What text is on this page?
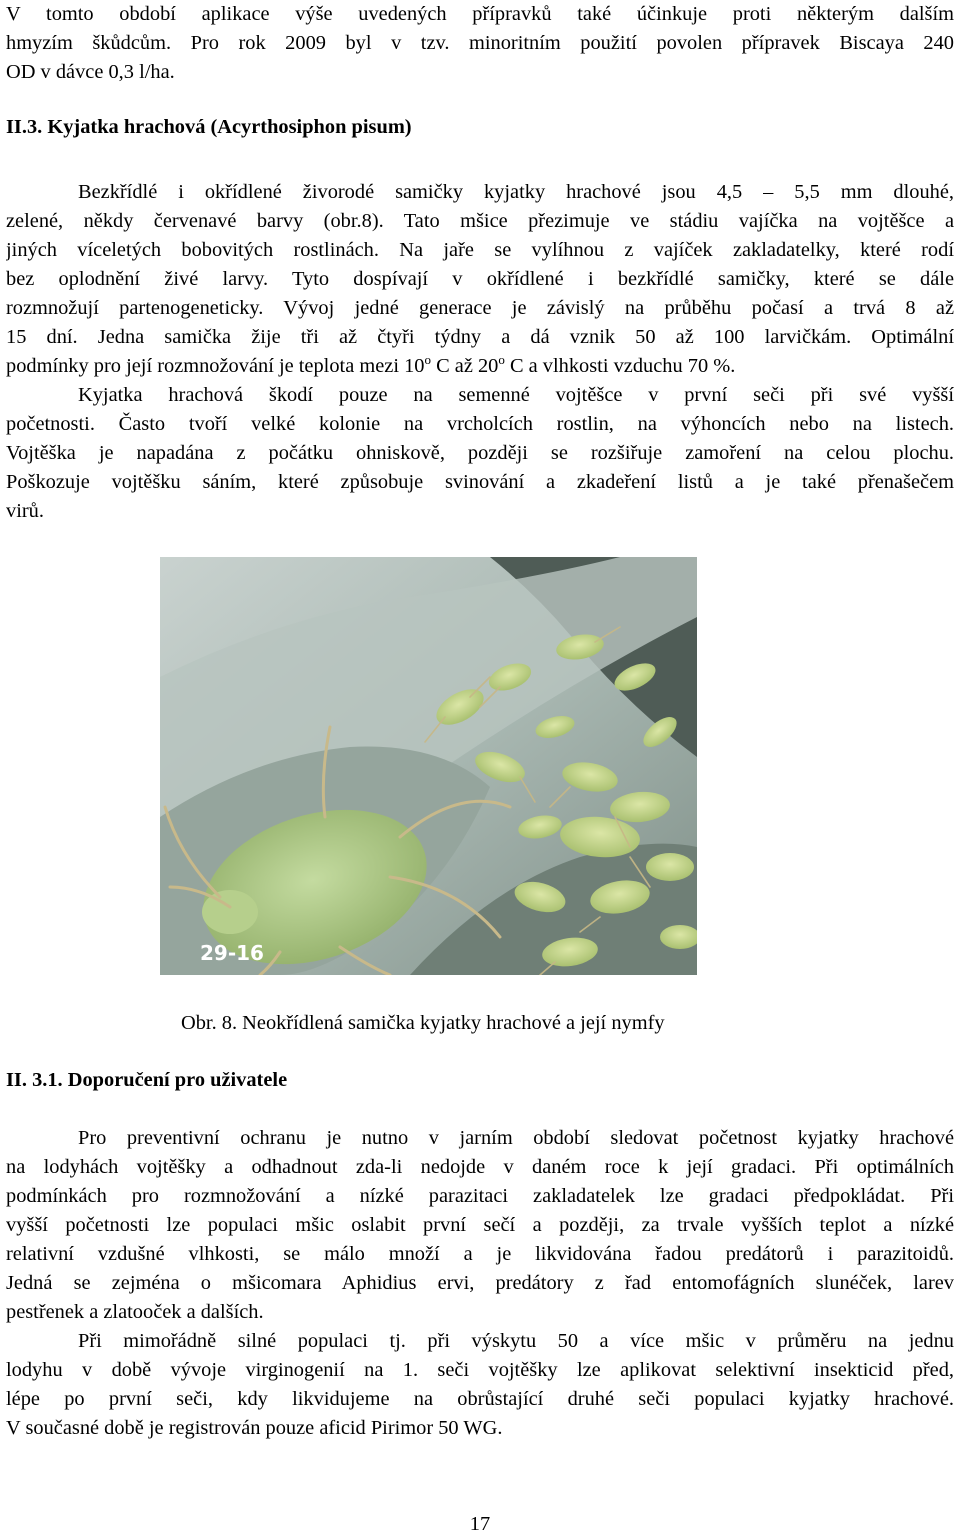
V tomto období aplikace výše uvedených přípravků také účinkuje proti některým dalším
hmyzím škůdcům. Pro rok 2009 byl v tzv. minoritním použití povolen přípravek Biscaya 240
OD v dávce 0,3 l/ha.

II.3. Kyjatka hrachová (Acyrthosiphon pisum)

Bezkřídlé i okřídlené živorodé samičky kyjatky hrachové jsou 4,5 – 5,5 mm dlouhé,
zelené, někdy červenavé barvy (obr.8). Tato mšice přezimuje ve stádiu vajíčka na vojtěšce a
jiných víceletých bobovitých rostlinách. Na jaře se vylíhnou z vajíček zakladatelky, které rodí
bez oplodnění živé larvy. Tyto dospívají v okřídlené i bezkřídlé samičky, které se dále
rozmnožují partenogeneticky. Vývoj jedné generace je závislý na průběhu počasí a trvá 8 až
15 dní. Jedna samička žije tři až čtyři týdny a dá vznik 50 až 100 larvičkám. Optimální
podmínky pro její rozmnožování je teplota mezi 10$^o$ C až 20$^o$ C a vlhkosti vzduchu 70 %.
Kyjatka hrachová škodí pouze na semenné vojtěšce v první seči při své vyšší
početnosti. Často tvoří velké kolonie na vrcholcích rostlin, na výhoncích nebo na listech.
Vojtěška je napadána z počátku ohniskově, později se rozšiřuje zamoření na celou plochu.
Poškozuje vojtěšku sáním, které způsobuje svinování a zkadeření listů a je také přenašečem
virů.

29-16

Obr. 8. Neokřídlená samička kyjatky hrachové a její nymfy

II. 3.1. Doporučení pro uživatele

Pro preventivní ochranu je nutno v jarním období sledovat početnost kyjatky hrachové
na lodyhách vojtěšky a odhadnout zda-li nedojde v daném roce k její gradaci. Při optimálních
podmínkách pro rozmnožování a nízké parazitaci zakladatelek lze gradaci předpokládat. Při
vyšší početnosti lze populaci mšic oslabit první sečí a později, za trvale vyšších teplot a nízké
relativní vzdušné vlhkosti, se málo množí a je likvidována řadou predátorů i parazitoidů.
Jedná se zejména o mšicomara Aphidius ervi, predátory z řad entomofágních slunéček, larev
pestřenek a zlatooček a dalších.

Při mimořádně silné populaci tj. při výskytu 50 a více mšic v průměru na jednu
lodyhu v době vývoje virginogenií na 1. seči vojtěšky lze aplikovat selektivní insekticid před,
lépe po první seči, kdy likvidujeme na obrůstající druhé seči populaci kyjatky hrachové.
V současné době je registrován pouze aficid Pirimor 50 WG.

17
